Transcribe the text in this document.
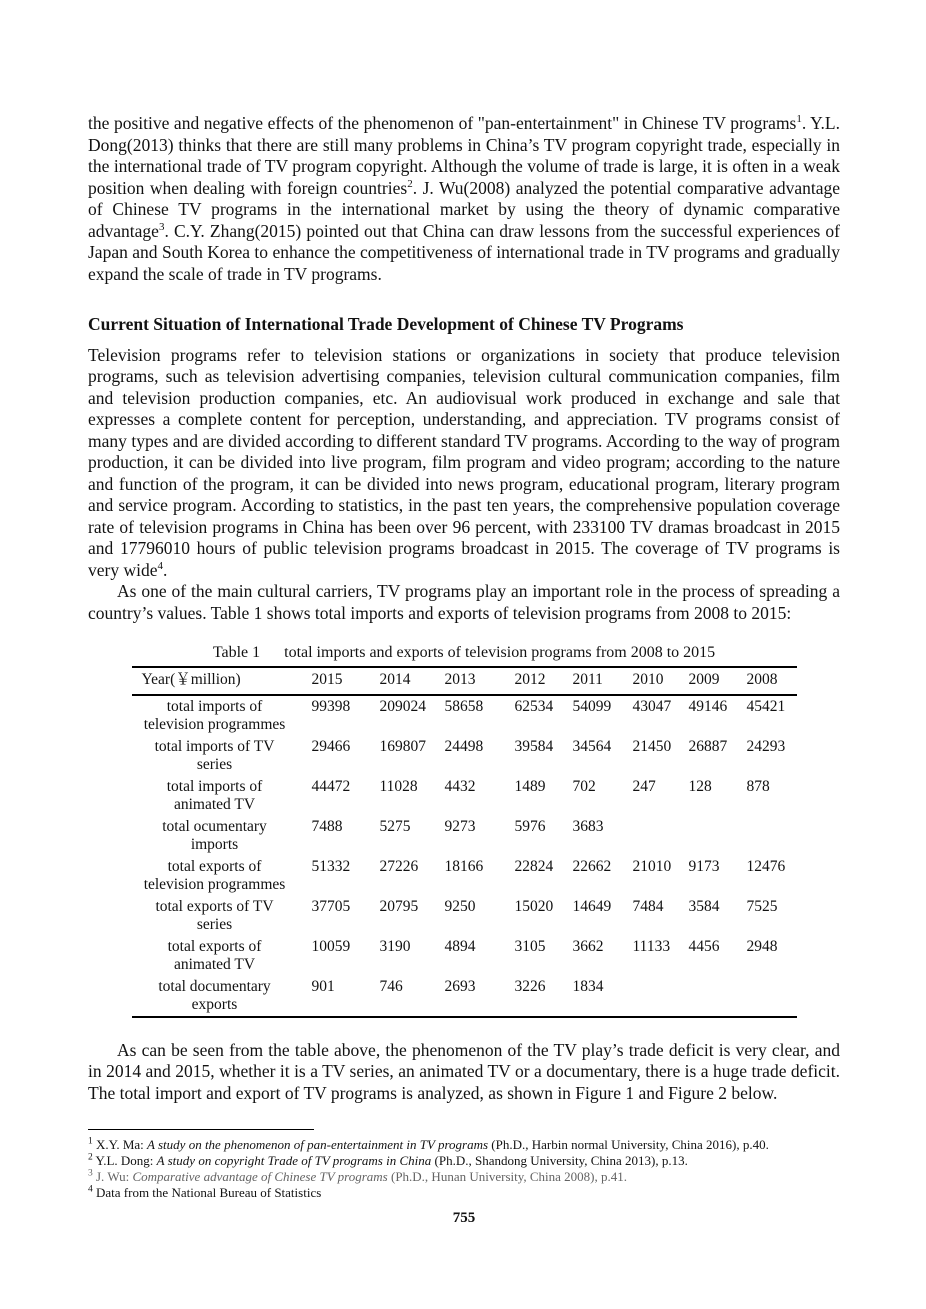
the positive and negative effects of the phenomenon of "pan-entertainment" in Chinese TV programs$^1$. Y.L. Dong(2013) thinks that there are still many problems in China’s TV program copyright trade, especially in the international trade of TV program copyright. Although the volume of trade is large, it is often in a weak position when dealing with foreign countries$^2$. J. Wu(2008) analyzed the potential comparative advantage of Chinese TV programs in the international market by using the theory of dynamic comparative advantage$^3$. C.Y. Zhang(2015) pointed out that China can draw lessons from the successful experiences of Japan and South Korea to enhance the competitiveness of international trade in TV programs and gradually expand the scale of trade in TV programs.

Current Situation of International Trade Development of Chinese TV Programs

Television programs refer to television stations or organizations in society that produce television programs, such as television advertising companies, television cultural communication companies, film and television production companies, etc. An audiovisual work produced in exchange and sale that expresses a complete content for perception, understanding, and appreciation. TV programs consist of many types and are divided according to different standard TV programs. According to the way of program production, it can be divided into live program, film program and video program; according to the nature and function of the program, it can be divided into news program, educational program, literary program and service program. According to statistics, in the past ten years, the comprehensive population coverage rate of television programs in China has been over 96 percent, with 233100 TV dramas broadcast in 2015 and 17796010 hours of public television programs broadcast in 2015. The coverage of TV programs is very wide$^4$.

As one of the main cultural carriers, TV programs play an important role in the process of spreading a country’s values. Table 1 shows total imports and exports of television programs from 2008 to 2015:

Table 1  total imports and exports of television programs from 2008 to 2015
Year(￥million)	2015	2014	2013	2012	2011	2010	2009	2008
total imports of
television programmes	99398	209024	58658	62534	54099	43047	49146	45421
total imports of TV
series	29466	169807	24498	39584	34564	21450	26887	24293
total imports of
animated TV	44472	11028	4432	1489	702	247	128	878
total ocumentary
imports	7488	5275	9273	5976	3683			
total exports of
television programmes	51332	27226	18166	22824	22662	21010	9173	12476
total exports of TV
series	37705	20795	9250	15020	14649	7484	3584	7525
total exports of
animated TV	10059	3190	4894	3105	3662	11133	4456	2948
total documentary
exports	901	746	2693	3226	1834			

As can be seen from the table above, the phenomenon of the TV play’s trade deficit is very clear, and in 2014 and 2015, whether it is a TV series, an animated TV or a documentary, there is a huge trade deficit. The total import and export of TV programs is analyzed, as shown in Figure 1 and Figure 2 below.

$^1$ X.Y. Ma: A study on the phenomenon of pan-entertainment in TV programs (Ph.D., Harbin normal University, China 2016), p.40.
$^2$ Y.L. Dong: A study on copyright Trade of TV programs in China (Ph.D., Shandong University, China 2013), p.13.
$^3$ J. Wu: Comparative advantage of Chinese TV programs (Ph.D., Hunan University, China 2008), p.41.
$^4$ Data from the National Bureau of Statistics
755
